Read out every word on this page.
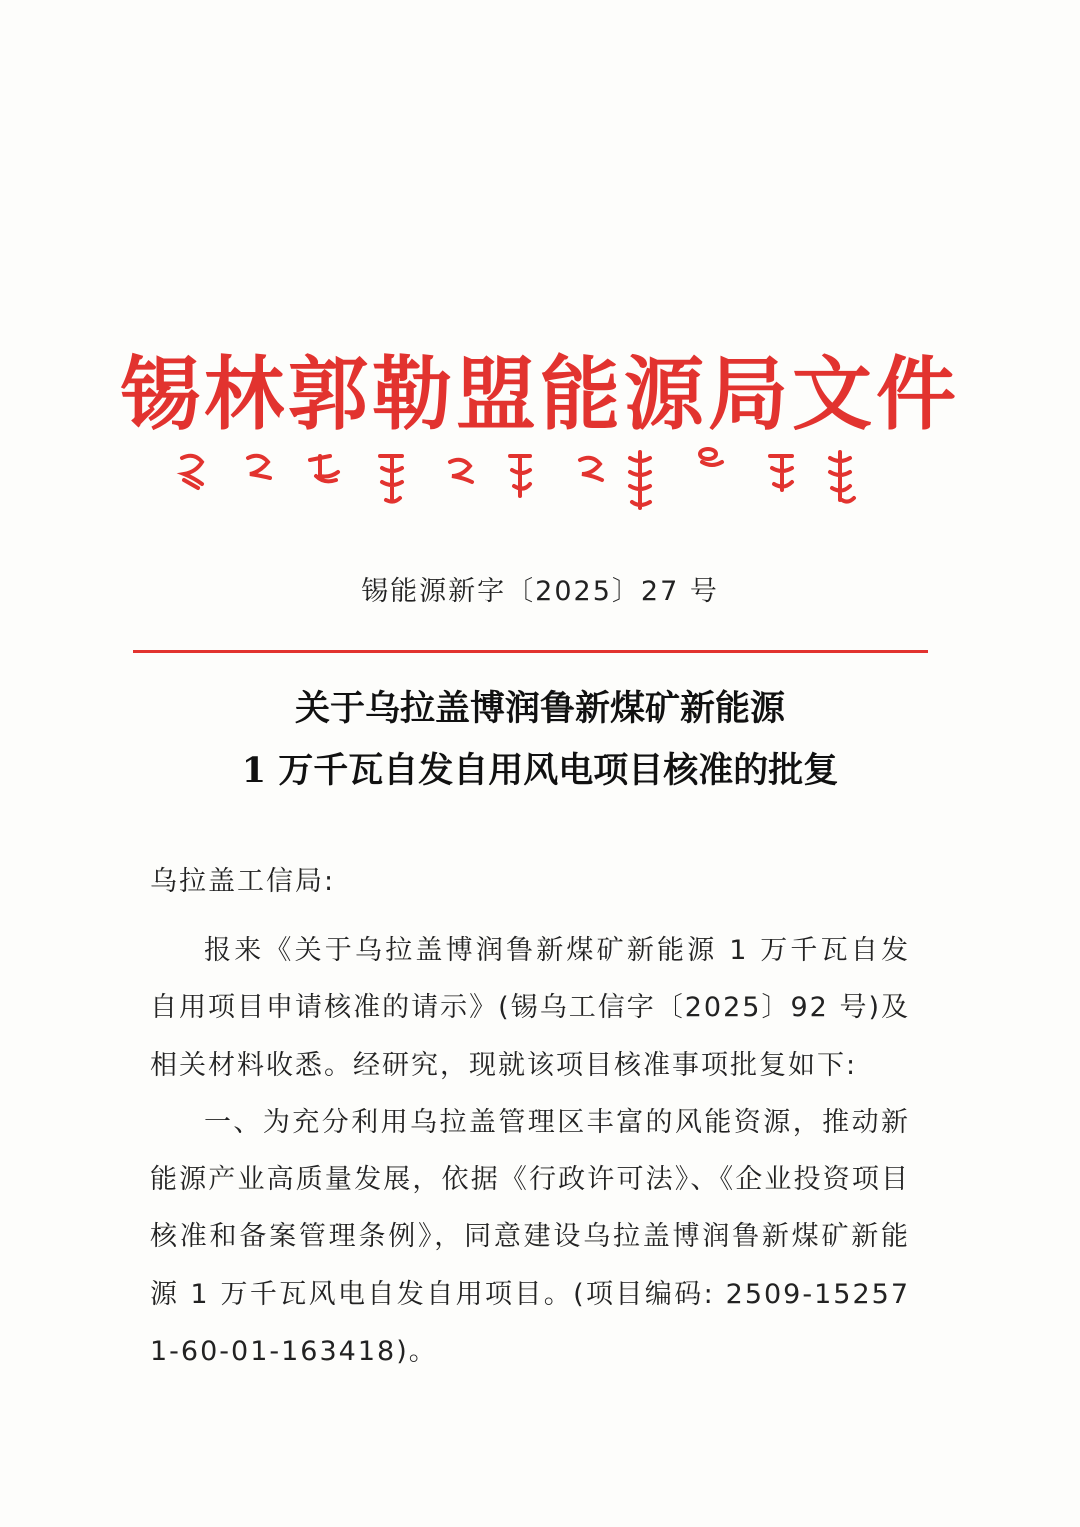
锡林郭勒盟能源局文件
锡能源新字〔2025〕27 号
关于乌拉盖博润鲁新煤矿新能源
1 万千瓦自发自用风电项目核准的批复
乌拉盖工信局:

报来《关于乌拉盖博润鲁新煤矿新能源 1 万千瓦自发自用项目申请核准的请示》(锡乌工信字〔2025〕92 号)及相关材料收悉。经研究，现就该项目核准事项批复如下:

一、为充分利用乌拉盖管理区丰富的风能资源，推动新能源产业高质量发展，依据《行政许可法》、《企业投资项目核准和备案管理条例》，同意建设乌拉盖博润鲁新煤矿新能源 1 万千瓦风电自发自用项目。(项目编码: 2509-152571-60-01-163418)。
